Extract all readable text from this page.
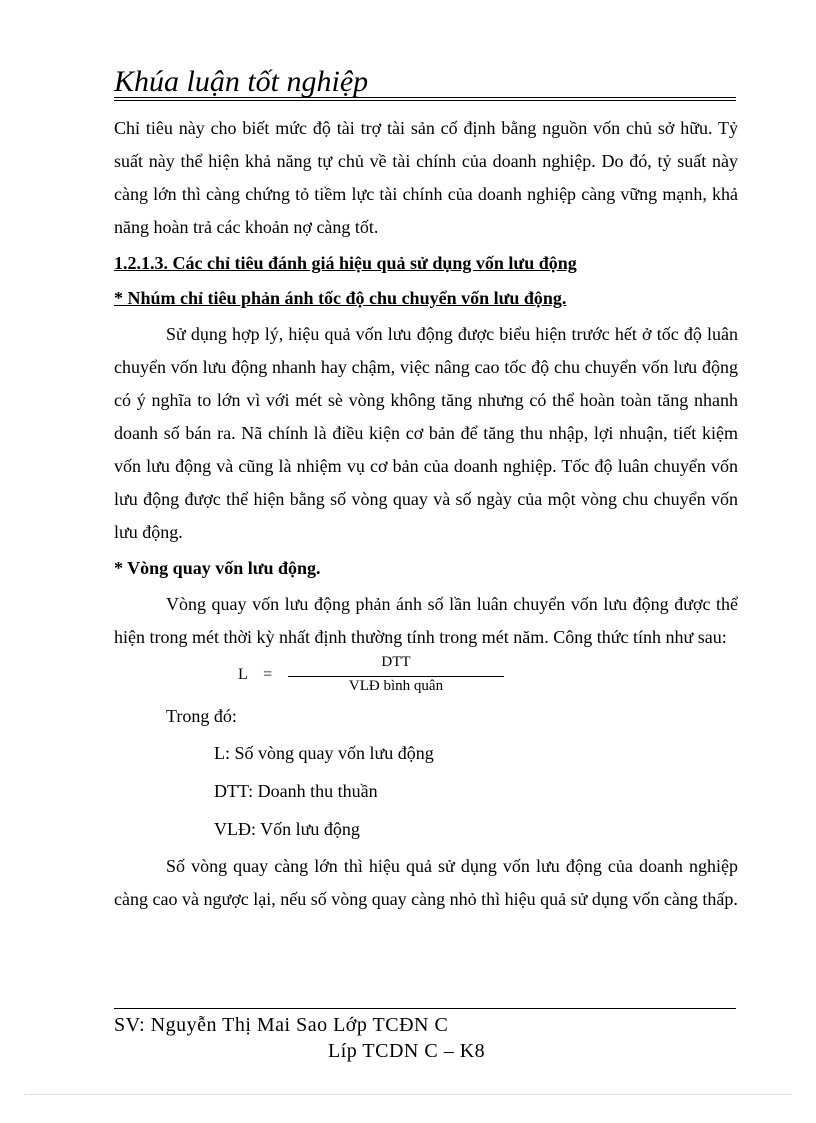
Khúa luận tốt nghiệp

Chỉ tiêu này cho biết mức độ tài trợ tài sản cố định bằng nguồn vốn chủ sở hữu. Tỷ suất này thể hiện khả năng tự chủ về tài chính của doanh nghiệp. Do đó, tỷ suất này càng lớn thì càng chứng tỏ tiềm lực tài chính của doanh nghiệp càng vững mạnh, khả năng hoàn trả các khoản nợ càng tốt.

1.2.1.3. Các chỉ tiêu đánh giá hiệu quả sử dụng vốn lưu động

* Nhúm chỉ tiêu phản ánh tốc độ chu chuyển vốn lưu động.

Sử dụng hợp lý, hiệu quả vốn lưu động được biểu hiện trước hết ở tốc độ luân chuyển vốn lưu động nhanh hay chậm, việc nâng cao tốc độ chu chuyển vốn lưu động có ý nghĩa to lớn vì với mét sè vòng không tăng nhưng có thể hoàn toàn tăng nhanh doanh số bán ra. Nã chính là điều kiện cơ bản để tăng thu nhập, lợi nhuận, tiết kiệm vốn lưu động và cũng là nhiệm vụ cơ bản của doanh nghiệp. Tốc độ luân chuyển vốn lưu động được thể hiện bằng số vòng quay và số ngày của một vòng chu chuyển vốn lưu động.

* Vòng quay vốn lưu động.

Vòng quay vốn lưu động phản ánh số lần luân chuyển vốn lưu động được thể hiện trong mét thời kỳ nhất định thường tính trong mét năm. Công thức tính như sau:

L    =
DTT
VLĐ bình quân

Trong đó:

L: Số vòng quay vốn lưu động

DTT: Doanh thu thuần

VLĐ: Vốn lưu động

Số vòng quay càng lớn thì hiệu quả sử dụng vốn lưu động của doanh nghiệp càng cao và ngược lại, nếu số vòng quay càng nhỏ thì hiệu quả sử dụng vốn càng thấp.

SV: Nguyễn Thị Mai Sao Lớp TCĐN C
Líp TCDN C – K8
